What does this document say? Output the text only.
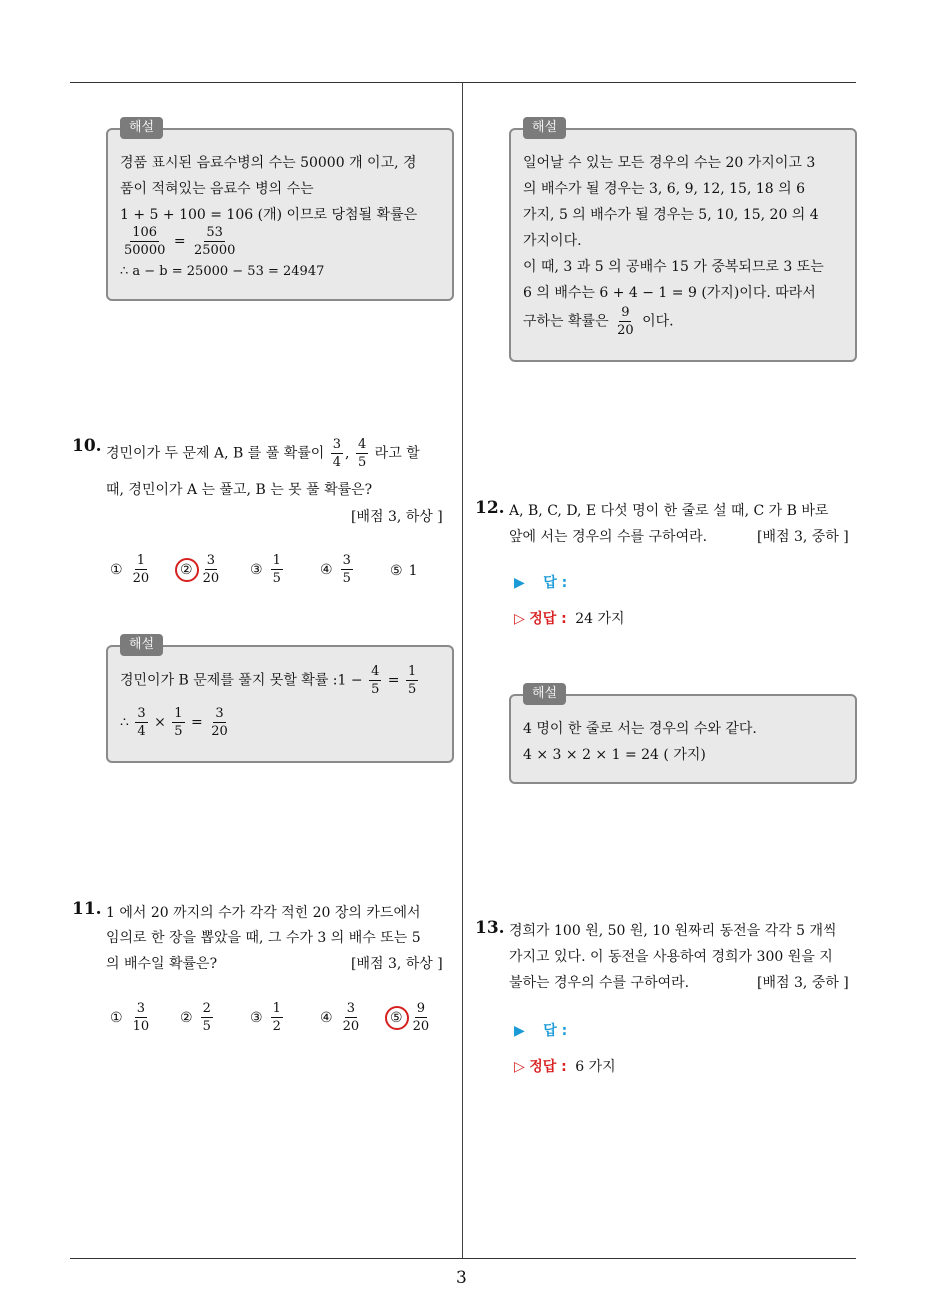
3
해설
경품 표시된 음료수병의 수는 50000 개 이고, 경
품이 적혀있는 음료수 병의 수는
1 + 5 + 100 = 106 (개) 이므로 당첨될 확률은
$\frac{106}{50000} = \frac{53}{25000}$
∴ a − b = 25000 − 53 = 24947
10. 경민이가 두 문제 A, B 를 풀 확률이 $\frac{3}{4}$ , $\frac{4}{5}$ 라고 할
때, 경민이가 A 는 풀고, B 는 못 풀 확률은?
[배점 3, 하상 ]
① $\frac{1}{20}$ ② $\frac{3}{20}$ ③ $\frac{1}{5}$	④ $\frac{3}{5}$	⑤ 1
해설
경민이가 B 문제를 풀지 못할 확률 :1 − $\frac{4}{5} = \frac{1}{5}$
∴ $\frac{3}{4} \times \frac{1}{5} = \frac{3}{20}$
11. 1 에서 20 까지의 수가 각각 적힌 20 장의 카드에서
임의로 한 장을 뽑았을 때, 그 수가 3 의 배수 또는 5
의 배수일 확률은?	[배점 3, 하상 ]
① $\frac{3}{10}$ ② $\frac{2}{5}$	③ $\frac{1}{2}$	④ $\frac{3}{20}$ ⑤ $\frac{9}{20}$
해설
일어날 수 있는 모든 경우의 수는 20 가지이고 3
의 배수가 될 경우는 3, 6, 9, 12, 15, 18 의 6
가지, 5 의 배수가 될 경우는 5, 10, 15, 20 의 4
가지이다.
이 때, 3 과 5 의 공배수 15 가 중복되므로 3 또는
6 의 배수는 6 + 4 − 1 = 9 (가지)이다. 따라서
구하는 확률은 $\frac{9}{20}$ 이다.
12. A, B, C, D, E 다섯 명이 한 줄로 설 때, C 가 B 바로
앞에 서는 경우의 수를 구하여라.	[배점 3, 중하 ]
▶ 답 :
▷ 정답 : 24 가지
해설
4 명이 한 줄로 서는 경우의 수와 같다.
4 × 3 × 2 × 1 = 24 ( 가지)
13. 경희가 100 원, 50 원, 10 원짜리 동전을 각각 5 개씩
가지고 있다. 이 동전을 사용하여 경희가 300 원을 지
불하는 경우의 수를 구하여라.	[배점 3, 중하 ]
▶ 답 :
▷ 정답 : 6 가지
